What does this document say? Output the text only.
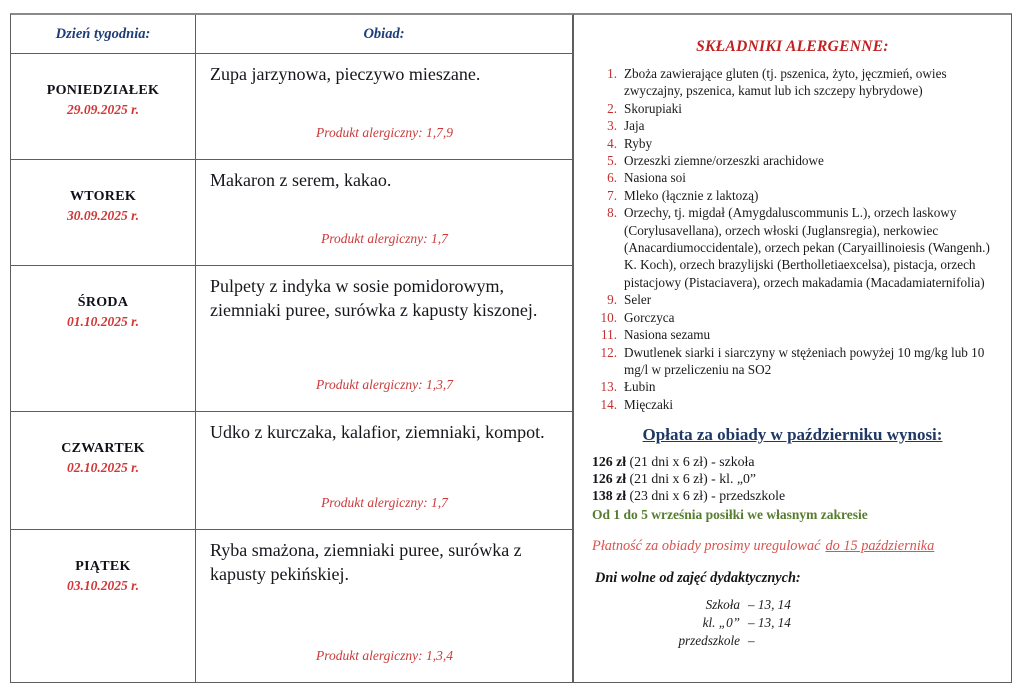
Dzień tygodnia:	Obiad:
PONIEDZIAŁEK
29.09.2025 r.
Zupa jarzynowa, pieczywo mieszane.
Produkt alergiczny: 1,7,9
WTOREK
30.09.2025 r.
Makaron z serem, kakao.
Produkt alergiczny: 1,7
ŚRODA
01.10.2025 r.
Pulpety z indyka w sosie pomidorowym, ziemniaki puree, surówka z kapusty kiszonej.
Produkt alergiczny: 1,3,7
CZWARTEK
02.10.2025 r.
Udko z kurczaka, kalafior, ziemniaki, kompot.
Produkt alergiczny: 1,7
PIĄTEK
03.10.2025 r.
Ryba smażona, ziemniaki puree, surówka z kapusty pekińskiej.
Produkt alergiczny: 1,3,4
SKŁADNIKI ALERGENNE:
1. Zboża zawierające gluten (tj. pszenica, żyto, jęczmień, owies zwyczajny, pszenica, kamut lub ich szczepy hybrydowe)
2. Skorupiaki
3. Jaja
4. Ryby
5. Orzeszki ziemne/orzeszki arachidowe
6. Nasiona soi
7. Mleko (łącznie z laktozą)
8. Orzechy, tj. migdał (Amygdaluscommunis L.), orzech laskowy (Corylusavellana), orzech włoski (Juglansregia), nerkowiec (Anacardiumoccidentale), orzech pekan (Caryaillinoiesis (Wangenh.) K. Koch), orzech brazylijski (Bertholletiaexcelsa), pistacja, orzech pistacjowy (Pistaciavera), orzech makadamia (Macadamiaternifolia)
9. Seler
10. Gorczyca
11. Nasiona sezamu
12. Dwutlenek siarki i siarczyny w stężeniach powyżej 10 mg/kg lub 10 mg/l w przeliczeniu na SO2
13. Łubin
14. Mięczaki
Opłata za obiady w październiku wynosi:
126 zł (21 dni x 6 zł) - szkoła
126 zł (21 dni x 6 zł) - kl. „0”
138 zł (23 dni x 6 zł) - przedszkole
Od 1 do 5 września posiłki we własnym zakresie
Płatność za obiady prosimy uregulować do 15 października
Dni wolne od zajęć dydaktycznych:
Szkoła – 13, 14
kl. „0” – 13, 14
przedszkole –
